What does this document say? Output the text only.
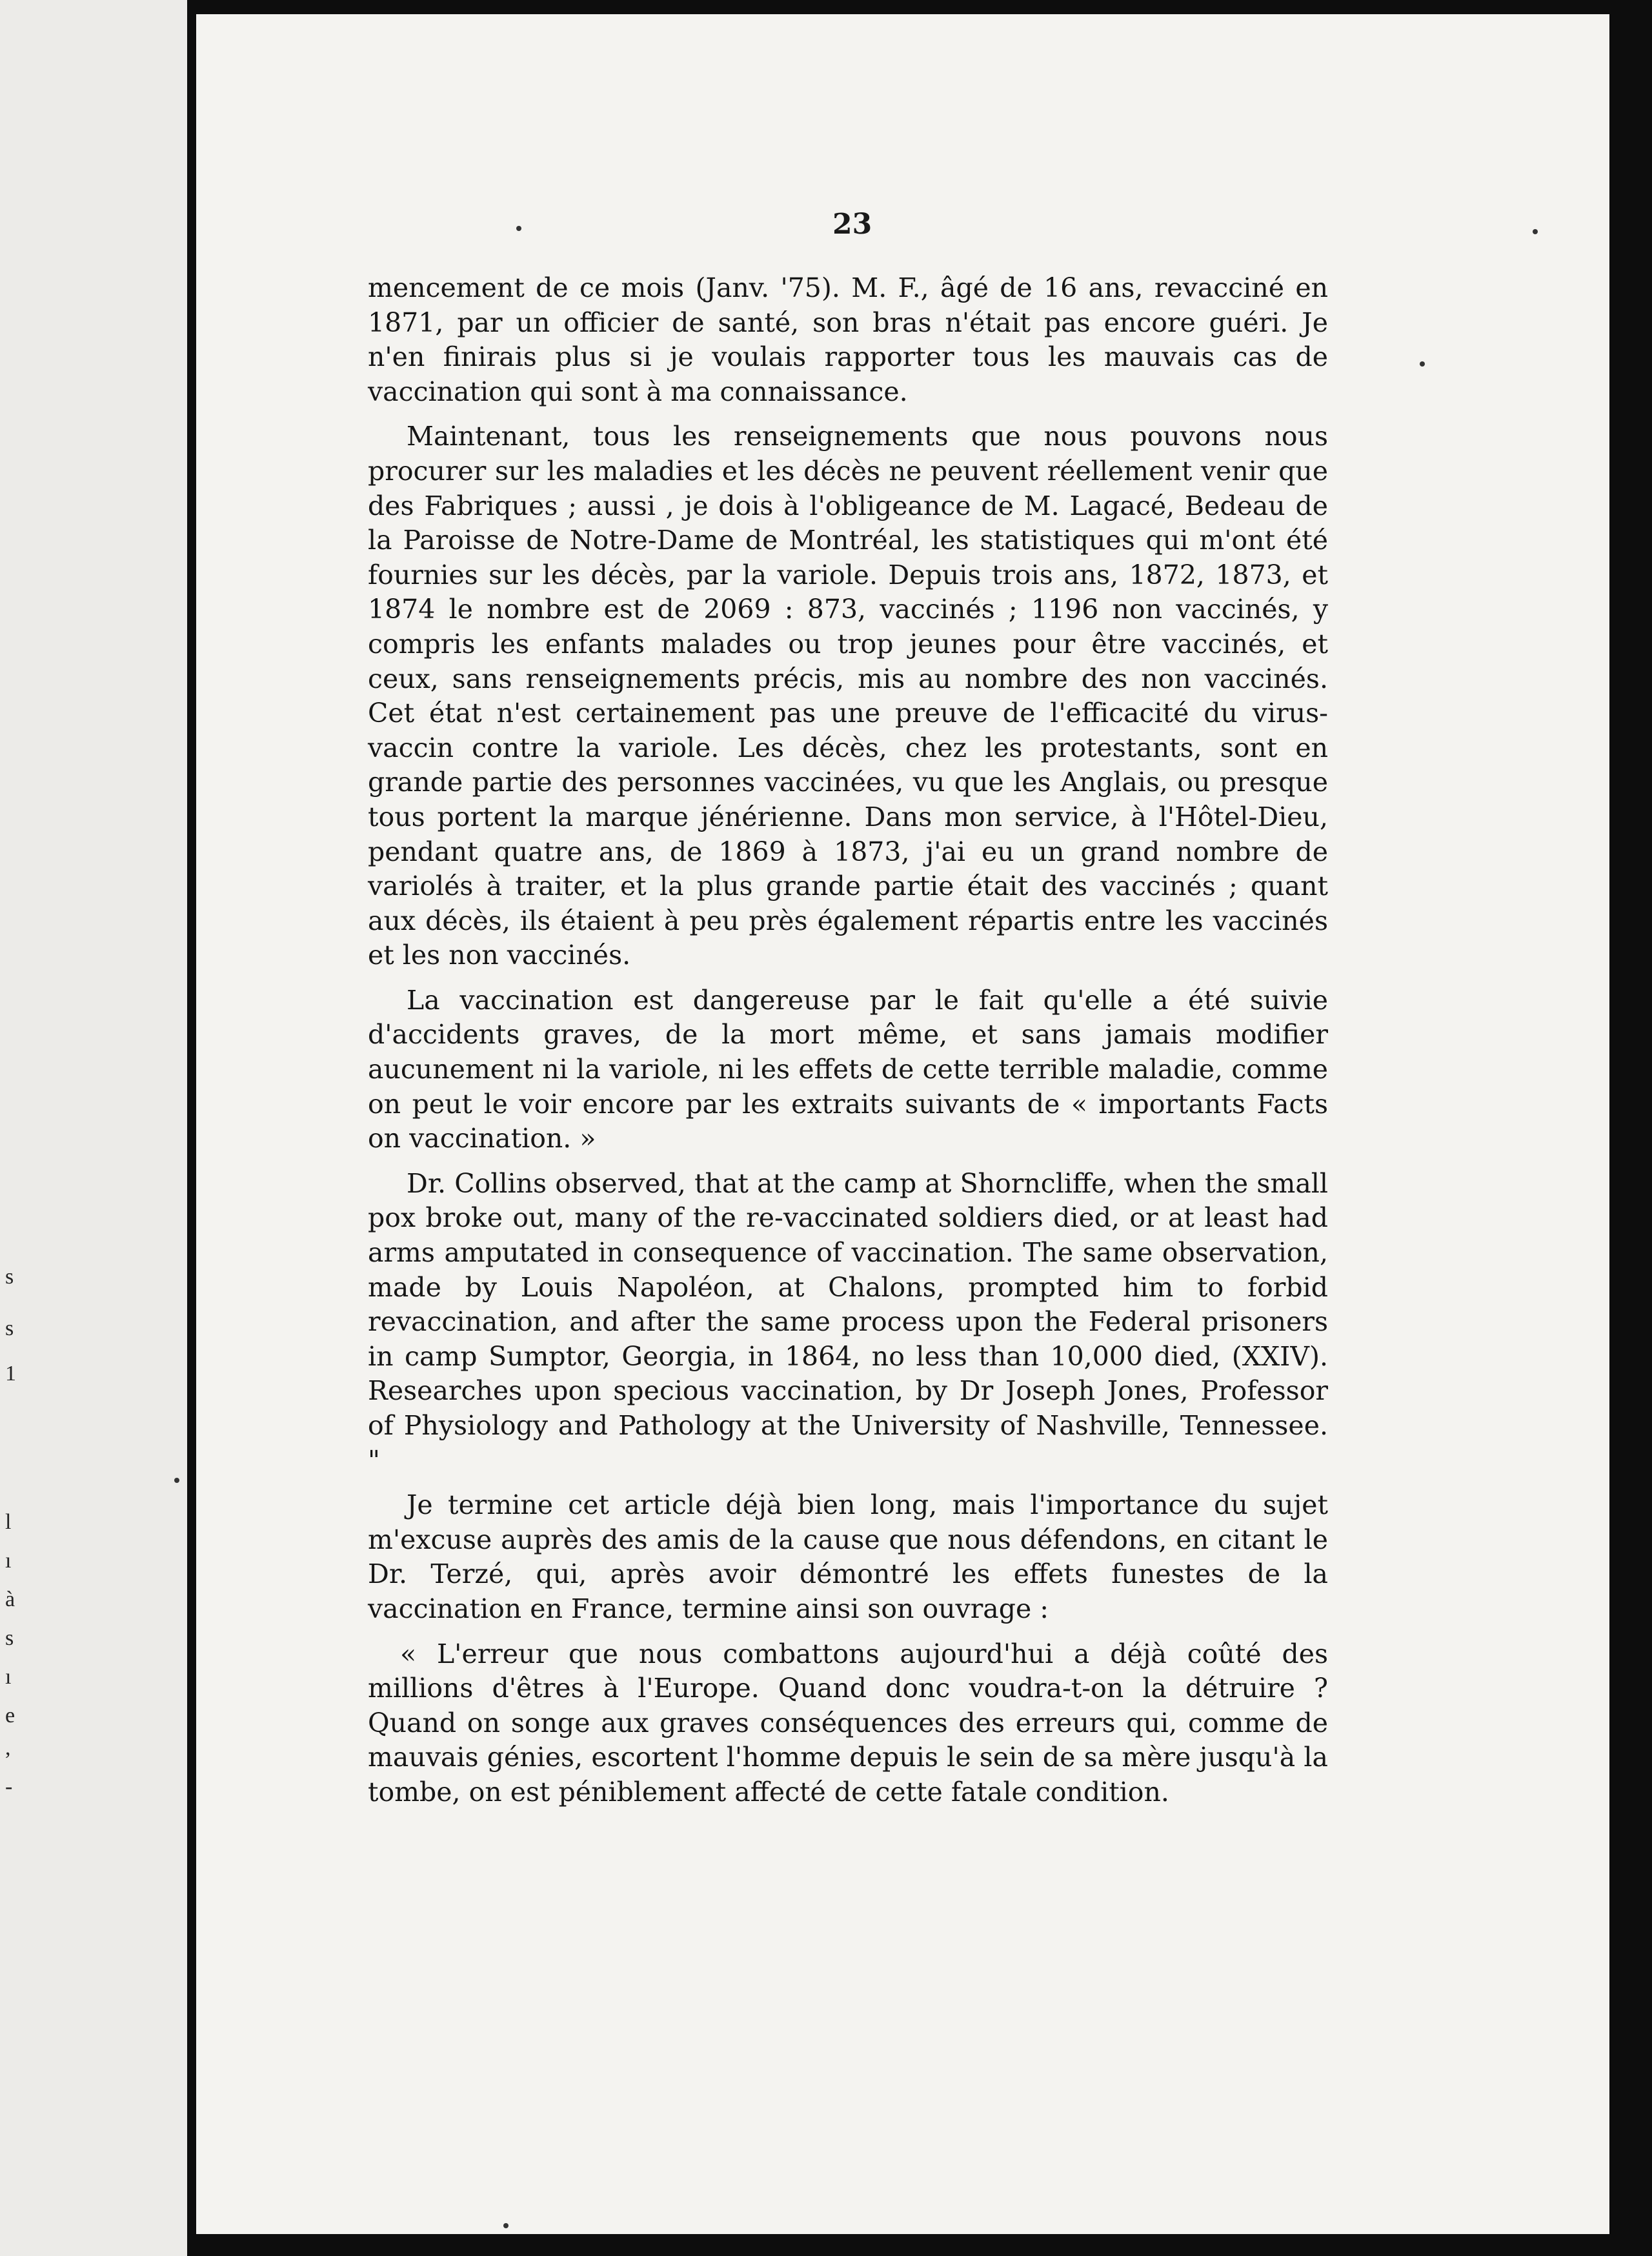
s
s
1
l
ı
à
s
ı
e
,
-
23

mencement de ce mois (Janv. '75). M. F., âgé de 16 ans, revacciné en 1871, par un officier de santé, son bras n'était pas encore guéri. Je n'en finirais plus si je voulais rapporter tous les mauvais cas de vaccination qui sont à ma connaissance.

Maintenant, tous les renseignements que nous pouvons nous procurer sur les maladies et les décès ne peuvent réellement venir que des Fabriques ; aussi , je dois à l'obligeance de M. Lagacé, Bedeau de la Paroisse de Notre-Dame de Montréal, les statistiques qui m'ont été fournies sur les décès, par la variole. Depuis trois ans, 1872, 1873, et 1874 le nombre est de 2069 : 873, vaccinés ; 1196 non vaccinés, y compris les enfants malades ou trop jeunes pour être vaccinés, et ceux, sans renseignements précis, mis au nombre des non vaccinés. Cet état n'est certainement pas une preuve de l'efficacité du virus-vaccin contre la variole. Les décès, chez les protestants, sont en grande partie des personnes vaccinées, vu que les Anglais, ou presque tous portent la marque jénérienne. Dans mon service, à l'Hôtel-Dieu, pendant quatre ans, de 1869 à 1873, j'ai eu un grand nombre de variolés à traiter, et la plus grande partie était des vaccinés ; quant aux décès, ils étaient à peu près également répartis entre les vaccinés et les non vaccinés.

La vaccination est dangereuse par le fait qu'elle a été suivie d'accidents graves, de la mort même, et sans jamais modifier aucunement ni la variole, ni les effets de cette terrible maladie, comme on peut le voir encore par les extraits suivants de « importants Facts on vaccination. »

Dr. Collins observed, that at the camp at Shorncliffe, when the small pox broke out, many of the re-vaccinated soldiers died, or at least had arms amputated in consequence of vaccination. The same observation, made by Louis Napoléon, at Chalons, prompted him to forbid revaccination, and after the same process upon the Federal prisoners in camp Sumptor, Georgia, in 1864, no less than 10,000 died, (XXIV). Researches upon specious vaccination, by Dr Joseph Jones, Professor of Physiology and Pathology at the University of Nashville, Tennessee. "

Je termine cet article déjà bien long, mais l'importance du sujet m'excuse auprès des amis de la cause que nous défendons, en citant le Dr. Terzé, qui, après avoir démontré les effets funestes de la vaccination en France, termine ainsi son ouvrage :

« L'erreur que nous combattons aujourd'hui a déjà coûté des millions d'êtres à l'Europe. Quand donc voudra-t-on la détruire ? Quand on songe aux graves conséquences des erreurs qui, comme de mauvais génies, escortent l'homme depuis le sein de sa mère jusqu'à la tombe, on est péniblement affecté de cette fatale condition.
